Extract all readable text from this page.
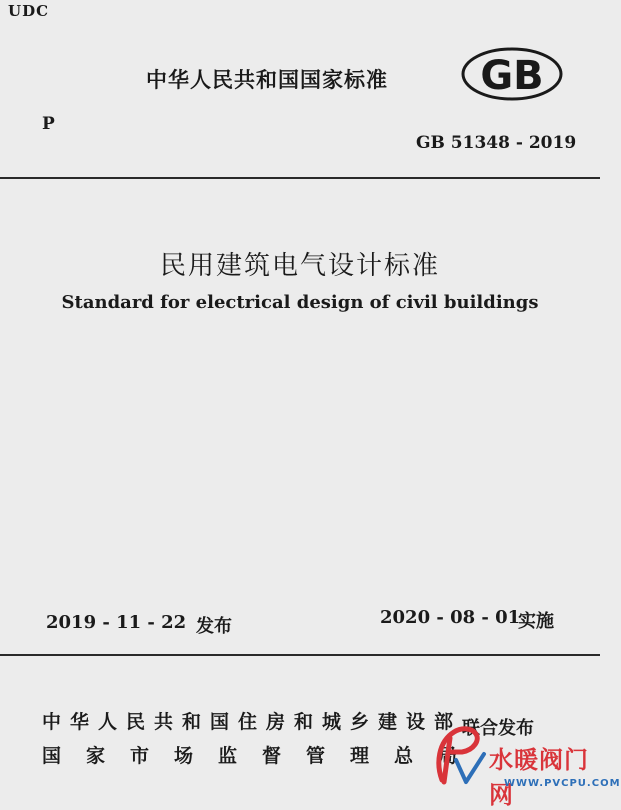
UDC
中华人民共和国国家标准 GB
P
GB 51348 - 2019
民用建筑电气设计标准
Standard for electrical design of civil buildings
2019 - 11 - 22 发布	2020 - 08 - 01
实施
中华人民共和国住房和城乡建设部
国家市场监督管理总局
联合发布
水暖阀门网
WWW.PVCPU.COM
